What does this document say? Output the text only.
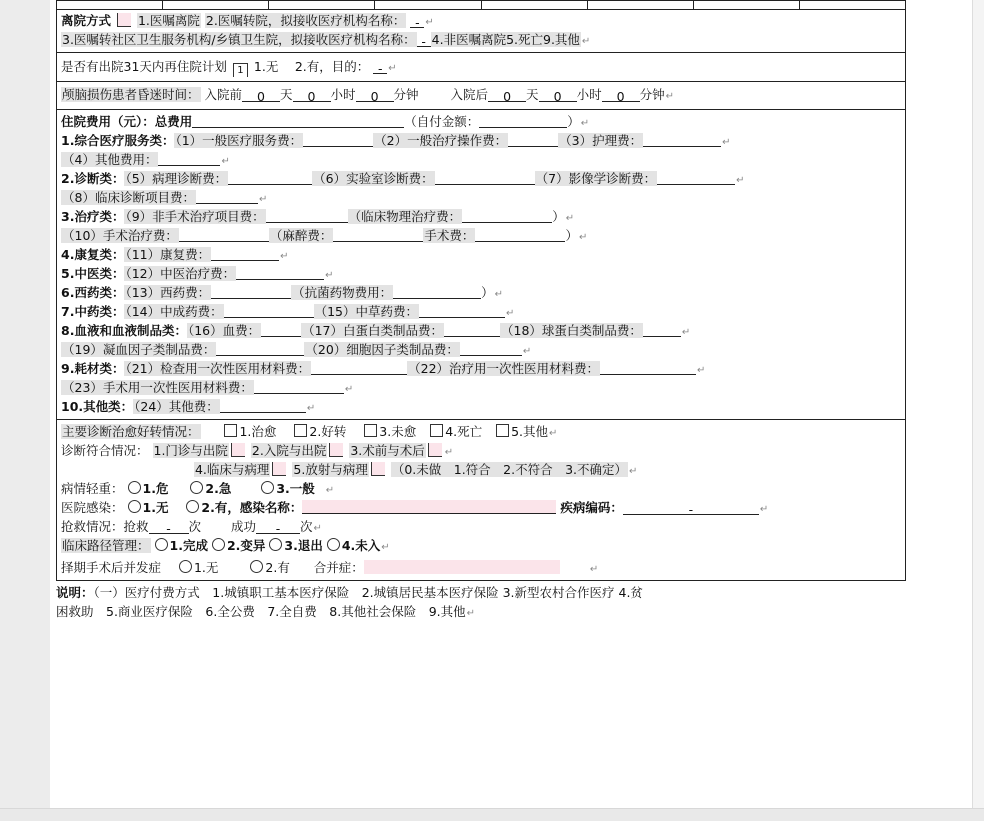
离院方式 1.医嘱离院 2.医嘱转院，拟接收医疗机构名称： - ↵
3.医嘱转社区卫生服务机构/乡镇卫生院，拟接收医疗机构名称： - 4.非医嘱离院5.死亡9.其他 ↵
是否有出院31天内再住院计划 1 1.无　 2.有，目的： - ↵
颅脑损伤患者昏迷时间： 入院前 0 天 0 小时 0 分钟	入院后 0 天 0 小时 0 分钟↵
住院费用（元）：总费用	（自付金额：	）↵
1.综合医疗服务类：（1）一般医疗服务费：	（2）一般治疗操作费：	（3）护理费：	↵
（4）其他费用：	↵
2.诊断类：（5）病理诊断费：	（6）实验室诊断费：	（7）影像学诊断费：	↵
（8）临床诊断项目费：	↵
3.治疗类：（9）非手术治疗项目费：	（临床物理治疗费：	）↵
（10）手术治疗费：	（麻醉费：	手术费：	）↵
4.康复类：（11）康复费：	↵
5.中医类：（12）中医治疗费：	↵
6.西药类：（13）西药费：	（抗菌药物费用：	）↵
7.中药类：（14）中成药费：	（15）中草药费：	↵
8.血液和血液制品类：（16）血费：	（17）白蛋白类制品费：	（18）球蛋白类制品费：	↵
（19）凝血因子类制品费：	（20）细胞因子类制品费：	↵
9.耗材类：（21）检查用一次性医用材料费：	（22）治疗用一次性医用材料费：	↵
（23）手术用一次性医用材料费：	↵
10.其他类：（24）其他费：	↵
主要诊断治愈好转情况：	1.治愈	2.好转	3.未愈 4.死亡 5.其他↵
诊断符合情况： 1.门诊与出院 2.入院与出院 3.术前与术后 ↵
4.临床与病理 5.放射与病理 （0.未做　1.符合　2.不符合　3.不确定） ↵
病情轻重： 1.危	2.急	3.一般　↵
医院感染： 1.无	2.有，感染名称：	疾病编码：	-	↵
抢救情况：抢救 - 次 成功 - 次↵
临床路径管理： 1.完成 2.变异 3.退出 4.未入↵
择期手术后并发症	1.无	2.有 合并症：	↵
说明：（一）医疗付费方式　1.城镇职工基本医疗保险　2.城镇居民基本医疗保险 3.新型农村合作医疗 4.贫
困救助　5.商业医疗保险　6.全公费　7.全自费　8.其他社会保险　9.其他↵
